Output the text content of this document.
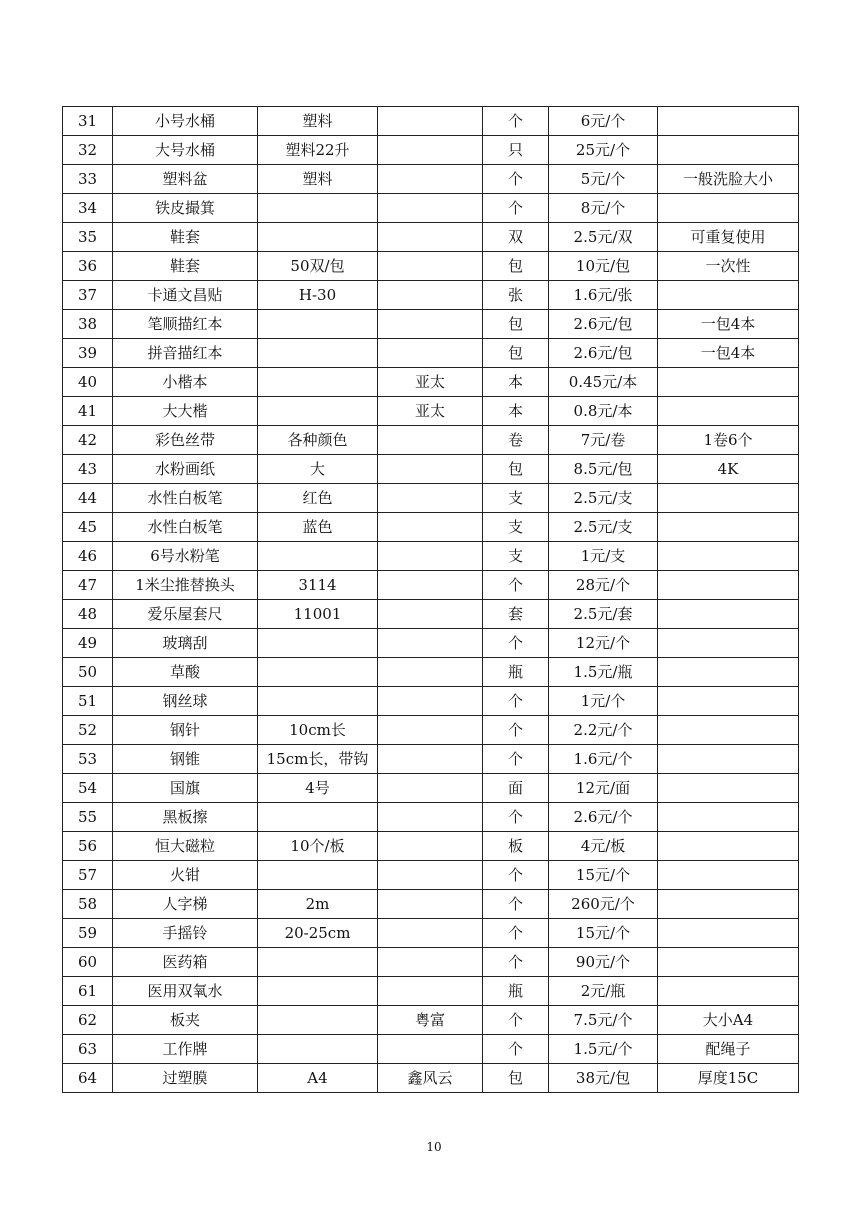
31	小号水桶	塑料		个	6元/个	
32	大号水桶	塑料22升		只	25元/个	
33	塑料盆	塑料		个	5元/个	一般洗脸大小
34	铁皮撮箕			个	8元/个	
35	鞋套			双	2.5元/双	可重复使用
36	鞋套	50双/包		包	10元/包	一次性
37	卡通文昌贴	H-30		张	1.6元/张	
38	笔顺描红本			包	2.6元/包	一包4本
39	拼音描红本			包	2.6元/包	一包4本
40	小楷本		亚太	本	0.45元/本	
41	大大楷		亚太	本	0.8元/本	
42	彩色丝带	各种颜色		卷	7元/卷	1卷6个
43	水粉画纸	大		包	8.5元/包	4K
44	水性白板笔	红色		支	2.5元/支	
45	水性白板笔	蓝色		支	2.5元/支	
46	6号水粉笔			支	1元/支	
47	1米尘推替换头	3114		个	28元/个	
48	爱乐屋套尺	11001		套	2.5元/套	
49	玻璃刮			个	12元/个	
50	草酸			瓶	1.5元/瓶	
51	钢丝球			个	1元/个	
52	钢针	10cm长		个	2.2元/个	
53	钢锥	15cm长，带钩		个	1.6元/个	
54	国旗	4号		面	12元/面	
55	黑板擦			个	2.6元/个	
56	恒大磁粒	10个/板		板	4元/板	
57	火钳			个	15元/个	
58	人字梯	2m		个	260元/个	
59	手摇铃	20-25cm		个	15元/个	
60	医药箱			个	90元/个	
61	医用双氧水			瓶	2元/瓶	
62	板夹		粤富	个	7.5元/个	大小A4
63	工作牌			个	1.5元/个	配绳子
64	过塑膜	A4	鑫风云	包	38元/包	厚度15C
10
